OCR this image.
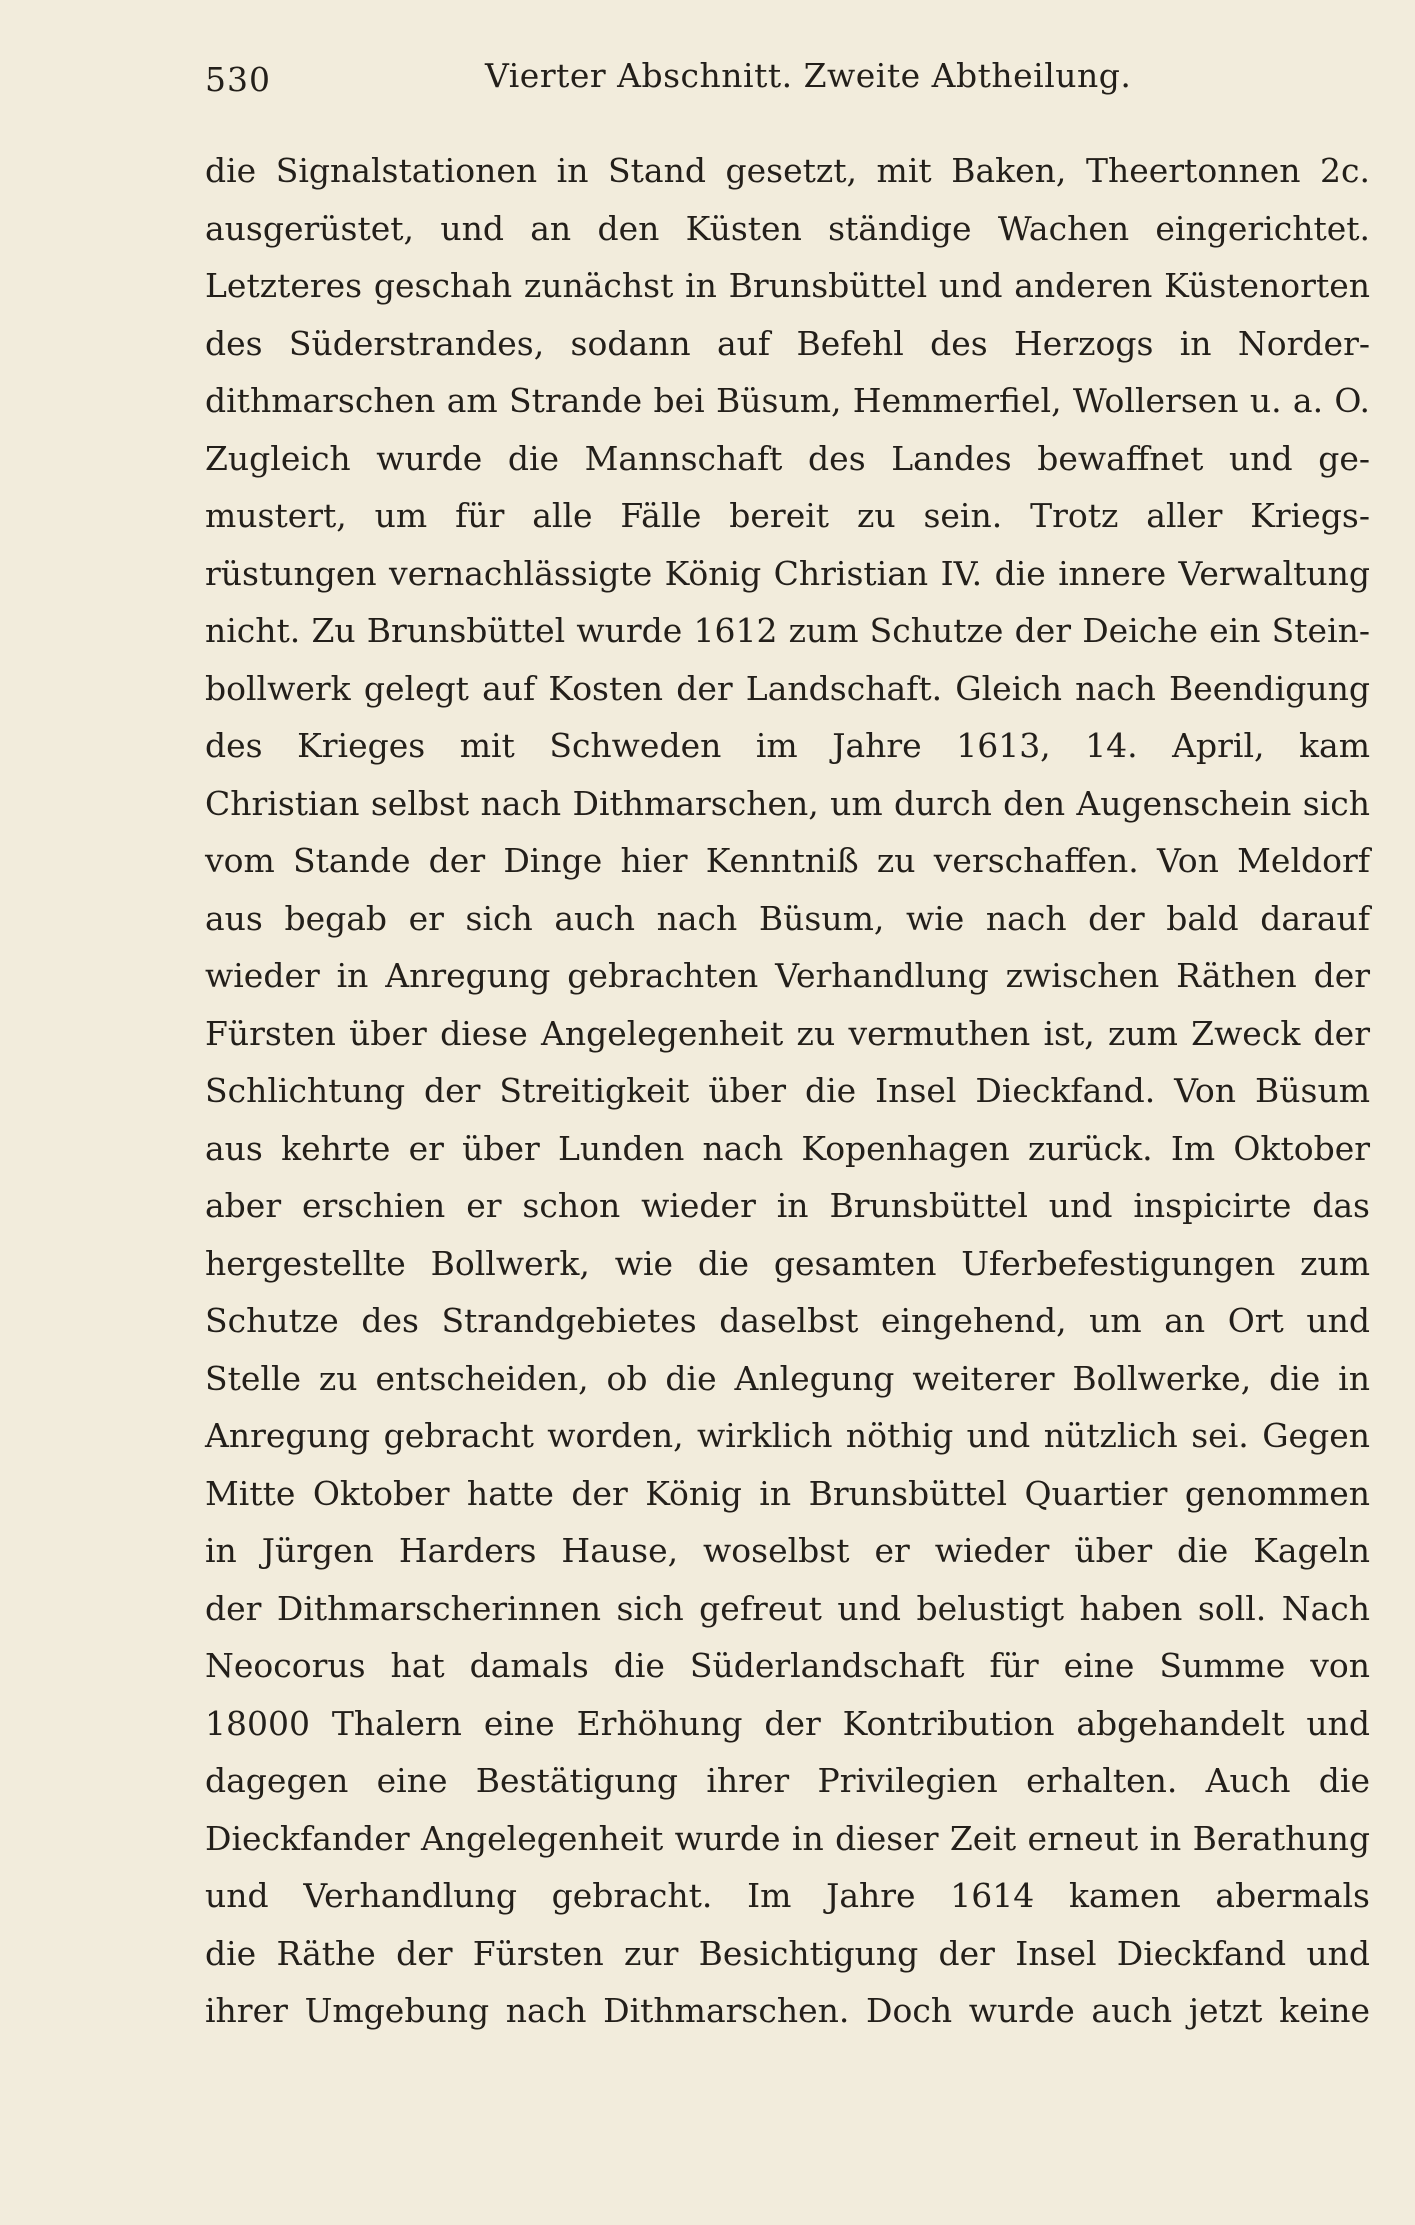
530	Vierter Abschnitt. Zweite Abtheilung.
die Signalstationen in Stand gesetzt, mit Baken, Theertonnen 2c.
ausgerüstet, und an den Küsten ständige Wachen eingerichtet.
Letzteres geschah zunächst in Brunsbüttel und anderen Küstenorten
des Süderstrandes, sodann auf Befehl des Herzogs in Norder-
dithmarschen am Strande bei Büsum, Hemmerfiel, Wollersen u. a. O.
Zugleich wurde die Mannschaft des Landes bewaffnet und ge-
mustert, um für alle Fälle bereit zu sein. Trotz aller Kriegs-
rüstungen vernachlässigte König Christian IV. die innere Verwaltung
nicht. Zu Brunsbüttel wurde 1612 zum Schutze der Deiche ein Stein-
bollwerk gelegt auf Kosten der Landschaft. Gleich nach Beendigung
des Krieges mit Schweden im Jahre 1613, 14. April, kam
Christian selbst nach Dithmarschen, um durch den Augenschein sich
vom Stande der Dinge hier Kenntniß zu verschaffen. Von Meldorf
aus begab er sich auch nach Büsum, wie nach der bald darauf
wieder in Anregung gebrachten Verhandlung zwischen Räthen der
Fürsten über diese Angelegenheit zu vermuthen ist, zum Zweck der
Schlichtung der Streitigkeit über die Insel Dieckfand. Von Büsum
aus kehrte er über Lunden nach Kopenhagen zurück. Im Oktober
aber erschien er schon wieder in Brunsbüttel und inspicirte das
hergestellte Bollwerk, wie die gesamten Uferbefestigungen zum
Schutze des Strandgebietes daselbst eingehend, um an Ort und
Stelle zu entscheiden, ob die Anlegung weiterer Bollwerke, die in
Anregung gebracht worden, wirklich nöthig und nützlich sei. Gegen
Mitte Oktober hatte der König in Brunsbüttel Quartier genommen
in Jürgen Harders Hause, woselbst er wieder über die Kageln
der Dithmarscherinnen sich gefreut und belustigt haben soll. Nach
Neocorus hat damals die Süderlandschaft für eine Summe von
18000 Thalern eine Erhöhung der Kontribution abgehandelt und
dagegen eine Bestätigung ihrer Privilegien erhalten. Auch die
Dieckfander Angelegenheit wurde in dieser Zeit erneut in Berathung
und Verhandlung gebracht. Im Jahre 1614 kamen abermals
die Räthe der Fürsten zur Besichtigung der Insel Dieckfand und
ihrer Umgebung nach Dithmarschen. Doch wurde auch jetzt keine
